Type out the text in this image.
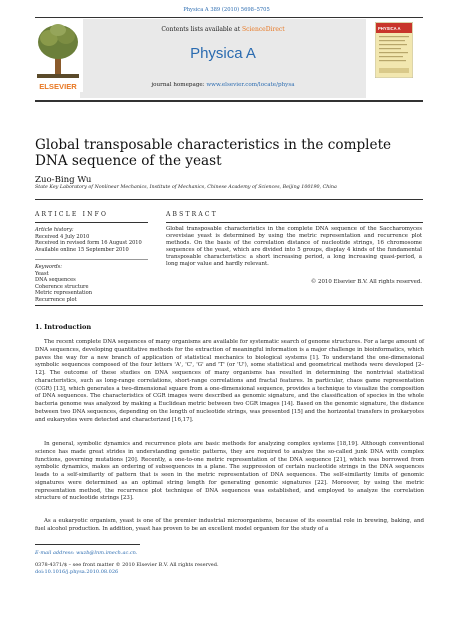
Physica A 389 (2010) 5698–5705
ELSEVIER
Contents lists available at ScienceDirect
Physica A
journal homepage: www.elsevier.com/locate/physa
PHYSICA A
Global transposable characteristics in the complete DNA sequence of the yeast
Zuo-Bing Wu
State Key Laboratory of Nonlinear Mechanics, Institute of Mechanics, Chinese Academy of Sciences, Beijing 100190, China
ARTICLE INFO
Article history:
Received 4 July 2010
Received in revised form 16 August 2010
Available online 15 September 2010
Keywords:
Yeast
DNA sequences
Coherence structure
Metric representation
Recurrence plot
ABSTRACT
Global transposable characteristics in the complete DNA sequence of the Saccharomyces cevevisiae yeast is determined by using the metric representation and recurrence plot methods. On the basis of the correlation distance of nucleotide strings, 16 chromosome sequences of the yeast, which are divided into 5 groups, display 4 kinds of the fundamental transposable characteristics: a short increasing period, a long increasing quasi-period, a long major value and hardly relevant.
© 2010 Elsevier B.V. All rights reserved.
1. Introduction
The recent complete DNA sequences of many organisms are available for systematic search of genome structures. For a large amount of DNA sequences, developing quantitative methods for the extraction of meaningful information is a major challenge in bioinformatics, which paves the way for a new branch of application of statistical mechanics to biological systems [1]. To understand the one-dimensional symbolic sequences composed of the four letters 'A', 'C', 'G' and 'T' (or 'U'), some statistical and geometrical methods were developed [2–12]. The outcome of these studies on DNA sequences of many organisms has resulted in determining the nontrivial statistical characteristics, such as long-range correlations, short-range correlations and fractal features. In particular, chaos game representation (CGR) [13], which generates a two-dimensional square from a one-dimensional sequence, provides a technique to visualize the composition of DNA sequences. The characteristics of CGR images were described as genomic signature, and the classification of species in the whole bacteria genome was analyzed by making a Euclidean metric between two CGR images [14]. Based on the genomic signature, the distance between two DNA sequences, depending on the length of nucleotide strings, was presented [15] and the horizontal transfers in prokaryotes and eukaryotes were detected and characterized [16,17].
In general, symbolic dynamics and recurrence plots are basic methods for analyzing complex systems [18,19]. Although conventional science has made great strides in understanding genetic patterns, they are required to analyze the so-called junk DNA with complex functions, governing mutations [20]. Recently, a one-to-one metric representation of the DNA sequence [21], which was borrowed from symbolic dynamics, makes an ordering of subsequences in a plane. The suppression of certain nucleotide strings in the DNA sequences leads to a self-similarity of pattern that is seen in the metric representation of DNA sequences. The self-similarity limits of genomic signatures were determined as an optimal string length for generating genomic signatures [22]. Moreover, by using the metric representation method, the recurrence plot technique of DNA sequences was established, and employed to analyze the correlation structure of nucleotide strings [23].
As a eukaryotic organism, yeast is one of the premier industrial microorganisms, because of its essential role in brewing, baking, and fuel alcohol production. In addition, yeast has proven to be an excellent model organism for the study of a
E-mail address: wuzb@lnm.imech.ac.cn.
0378-4371/$ – see front matter © 2010 Elsevier B.V. All rights reserved.
doi:10.1016/j.physa.2010.08.026
